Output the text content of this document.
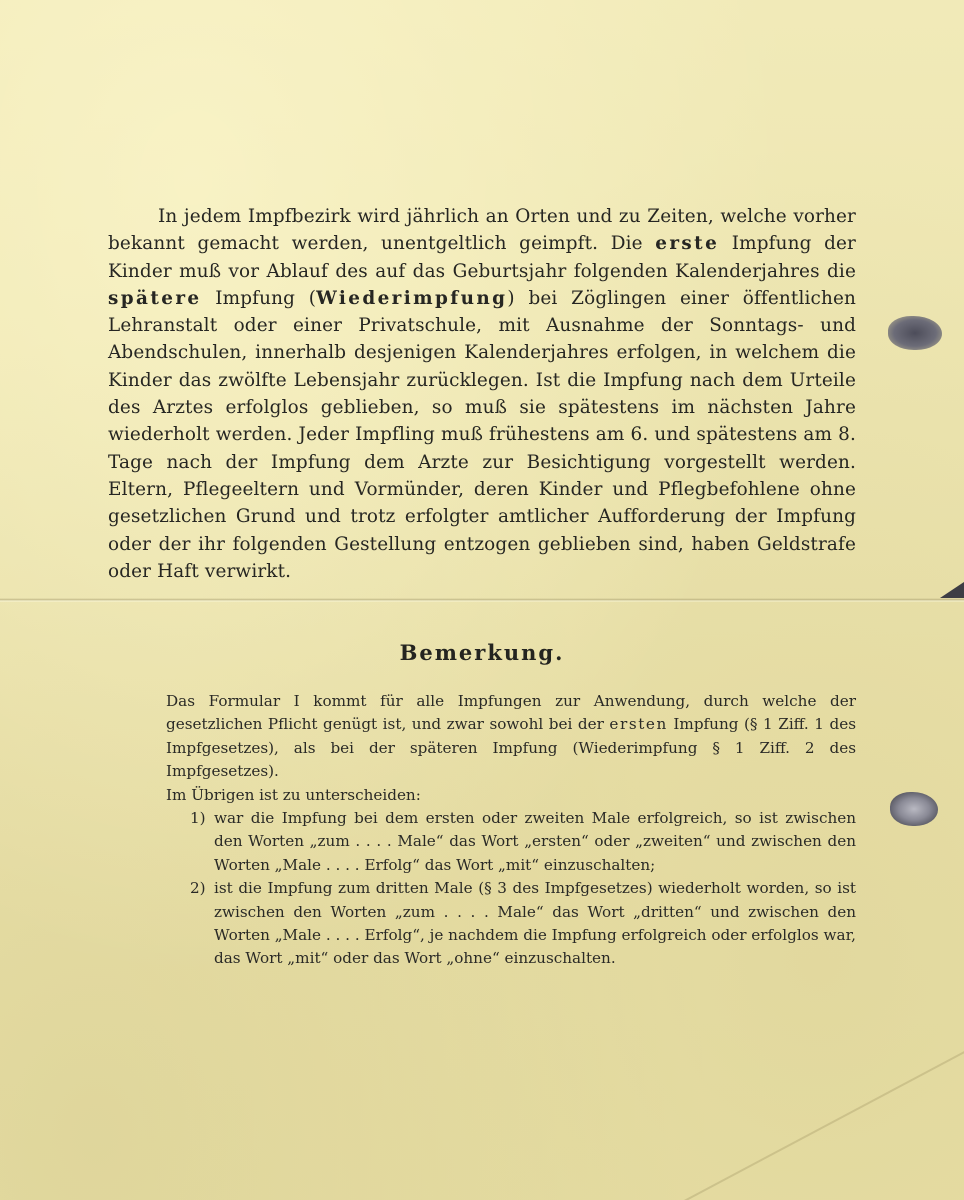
In jedem Impfbezirk wird jährlich an Orten und zu Zeiten, welche vorher bekannt gemacht werden, unentgeltlich geimpft. Die erste Impfung der Kinder muß vor Ablauf des auf das Geburtsjahr folgenden Kalenderjahres die spätere Impfung (Wiederimpfung) bei Zöglingen einer öffentlichen Lehranstalt oder einer Privatschule, mit Ausnahme der Sonntags- und Abendschulen, innerhalb desjenigen Kalenderjahres erfolgen, in welchem die Kinder das zwölfte Lebensjahr zurücklegen. Ist die Impfung nach dem Urteile des Arztes erfolglos geblieben, so muß sie spätestens im nächsten Jahre wiederholt werden. Jeder Impfling muß frühestens am 6. und spätestens am 8. Tage nach der Impfung dem Arzte zur Besichtigung vorgestellt werden. Eltern, Pflegeeltern und Vormünder, deren Kinder und Pflegbefohlene ohne gesetzlichen Grund und trotz erfolgter amtlicher Aufforderung der Impfung oder der ihr folgenden Gestellung entzogen geblieben sind, haben Geldstrafe oder Haft verwirkt.

Bemerkung.

Das Formular I kommt für alle Impfungen zur Anwendung, durch welche der gesetzlichen Pflicht genügt ist, und zwar sowohl bei der ersten Impfung (§ 1 Ziff. 1 des Impfgesetzes), als bei der späteren Impfung (Wiederimpfung § 1 Ziff. 2 des Impfgesetzes).

Im Übrigen ist zu unterscheiden:

1) war die Impfung bei dem ersten oder zweiten Male erfolgreich, so ist zwischen den Worten „zum . . . . Male“ das Wort „ersten“ oder „zweiten“ und zwischen den Worten „Male . . . . Erfolg“ das Wort „mit“ einzuschalten;
2) ist die Impfung zum dritten Male (§ 3 des Impfgesetzes) wiederholt worden, so ist zwischen den Worten „zum . . . . Male“ das Wort „dritten“ und zwischen den Worten „Male . . . . Erfolg“, je nachdem die Impfung erfolgreich oder erfolglos war, das Wort „mit“ oder das Wort „ohne“ einzuschalten.
